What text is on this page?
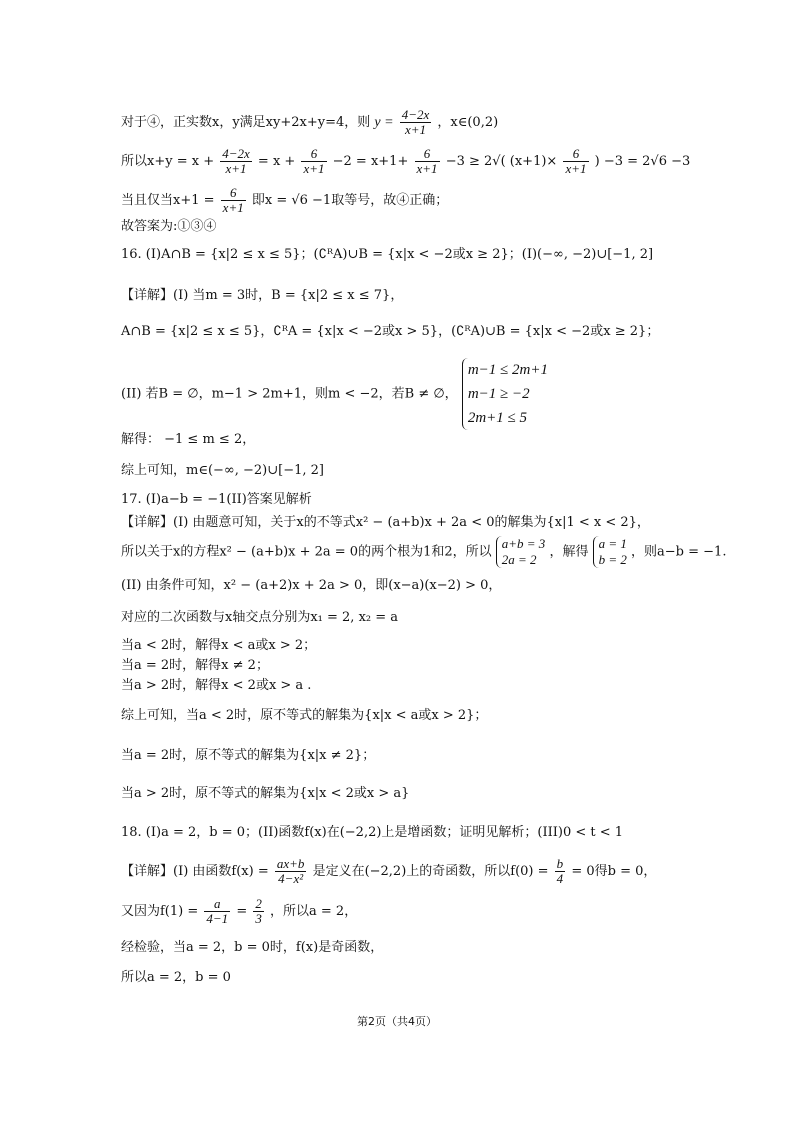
对于④，正实数x，y满足xy+2x+y=4，则 $y = \frac{4-2x}{x+1}$ ，x∈(0,2)
所以$x+y = x + \frac{4-2x}{x+1} = x + \frac{6}{x+1} -2 = x+1+ \frac{6}{x+1} -3 \ge 2√$( $(x+1)\times \frac{6}{x+1}$ ) −3 = 2√6 −3
当且仅当$x+1 = \frac{6}{x+1}$ 即x = √6 −1取等号，故④正确；
故答案为:①③④
16. (I)A∩B = {x|2 ≤ x ≤ 5}；(∁ᴿA)∪B = {x|x < −2或x ≥ 2}；(I)(−∞, −2)∪[−1, 2]
【详解】(I) 当m = 3时，B = {x|2 ≤ x ≤ 7}，
A∩B = {x|2 ≤ x ≤ 5}，∁ᴿA = {x|x < −2或x > 5}，(∁ᴿA)∪B = {x|x < −2或x ≥ 2}；
(II) 若B = ∅，m−1 > 2m+1，则m < −2，若B ≠ ∅，
m−1 ≤ 2m+1
m−1 ≥ −2
2m+1 ≤ 5
解得： −1 ≤ m ≤ 2，
综上可知，m∈(−∞, −2)∪[−1, 2]
17. (I)a−b = −1(II)答案见解析
【详解】(I) 由题意可知，关于x的不等式x² − (a+b)x + 2a < 0的解集为{x|1 < x < 2}，
所以关于x的方程x² − (a+b)x + 2a = 0的两个根为1和2，所以
a+b = 3
2a = 2 ，解得
a = 1
b = 2 ，则a−b = −1.
(II) 由条件可知，x² − (a+2)x + 2a > 0，即(x−a)(x−2) > 0，
对应的二次函数与x轴交点分别为x₁ = 2, x₂ = a
当a < 2时，解得x < a或x > 2；
当a = 2时，解得x ≠ 2；
当a > 2时，解得x < 2或x > a .
综上可知，当a < 2时，原不等式的解集为{x|x < a或x > 2}；
当a = 2时，原不等式的解集为{x|x ≠ 2}；
当a > 2时，原不等式的解集为{x|x < 2或x > a}
18. (I)a = 2，b = 0；(II)函数f(x)在(−2,2)上是增函数；证明见解析；(III)0 < t < 1
【详解】(I) 由函数$f(x) = \frac{ax+b}{\text{4−x²}}$ 是定义在(−2,2)上的奇函数，所以$f(0) = \frac{b}{4} = 0$得b = 0，
又因为$f(1) = \frac{a}{4-1} = \frac{2}{3}$ ，所以a = 2，
经检验，当a = 2，b = 0时，f(x)是奇函数，
所以a = 2，b = 0
第2页（共4页）
